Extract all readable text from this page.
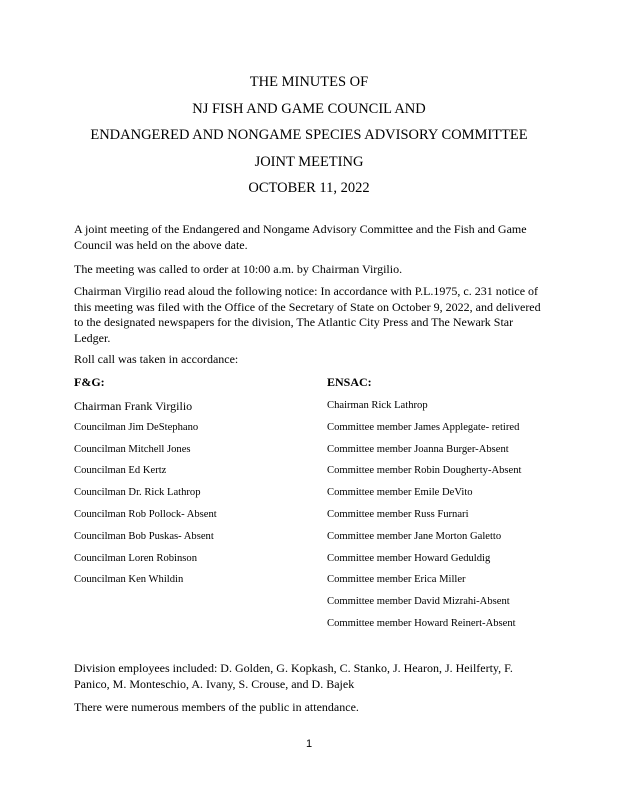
THE MINUTES OF
NJ FISH AND GAME COUNCIL AND
ENDANGERED AND NONGAME SPECIES ADVISORY COMMITTEE
JOINT MEETING
OCTOBER 11, 2022

A joint meeting of the Endangered and Nongame Advisory Committee and the Fish and Game Council was held on the above date.

The meeting was called to order at 10:00 a.m. by Chairman Virgilio.

Chairman Virgilio read aloud the following notice: In accordance with P.L.1975, c. 231 notice of this meeting was filed with the Office of the Secretary of State on October 9, 2022, and delivered to the designated newspapers for the division, The Atlantic City Press and The Newark Star Ledger.

Roll call was taken in accordance:

F&G:	ENSAC:
Chairman Frank Virgilio
Councilman Jim DeStephano
Councilman Mitchell Jones
Councilman Ed Kertz
Councilman Dr. Rick Lathrop
Councilman Rob Pollock- Absent
Councilman Bob Puskas- Absent
Councilman Loren Robinson
Councilman Ken Whildin
Chairman Rick Lathrop
Committee member James Applegate- retired
Committee member Joanna Burger-Absent
Committee member Robin Dougherty-Absent
Committee member Emile DeVito
Committee member Russ Furnari
Committee member Jane Morton Galetto
Committee member Howard Geduldig
Committee member Erica Miller
Committee member David Mizrahi-Absent
Committee member Howard Reinert-Absent

Division employees included: D. Golden, G. Kopkash, C. Stanko, J. Hearon, J. Heilferty, F. Panico, M. Monteschio, A. Ivany, S. Crouse, and D. Bajek

There were numerous members of the public in attendance.

1
